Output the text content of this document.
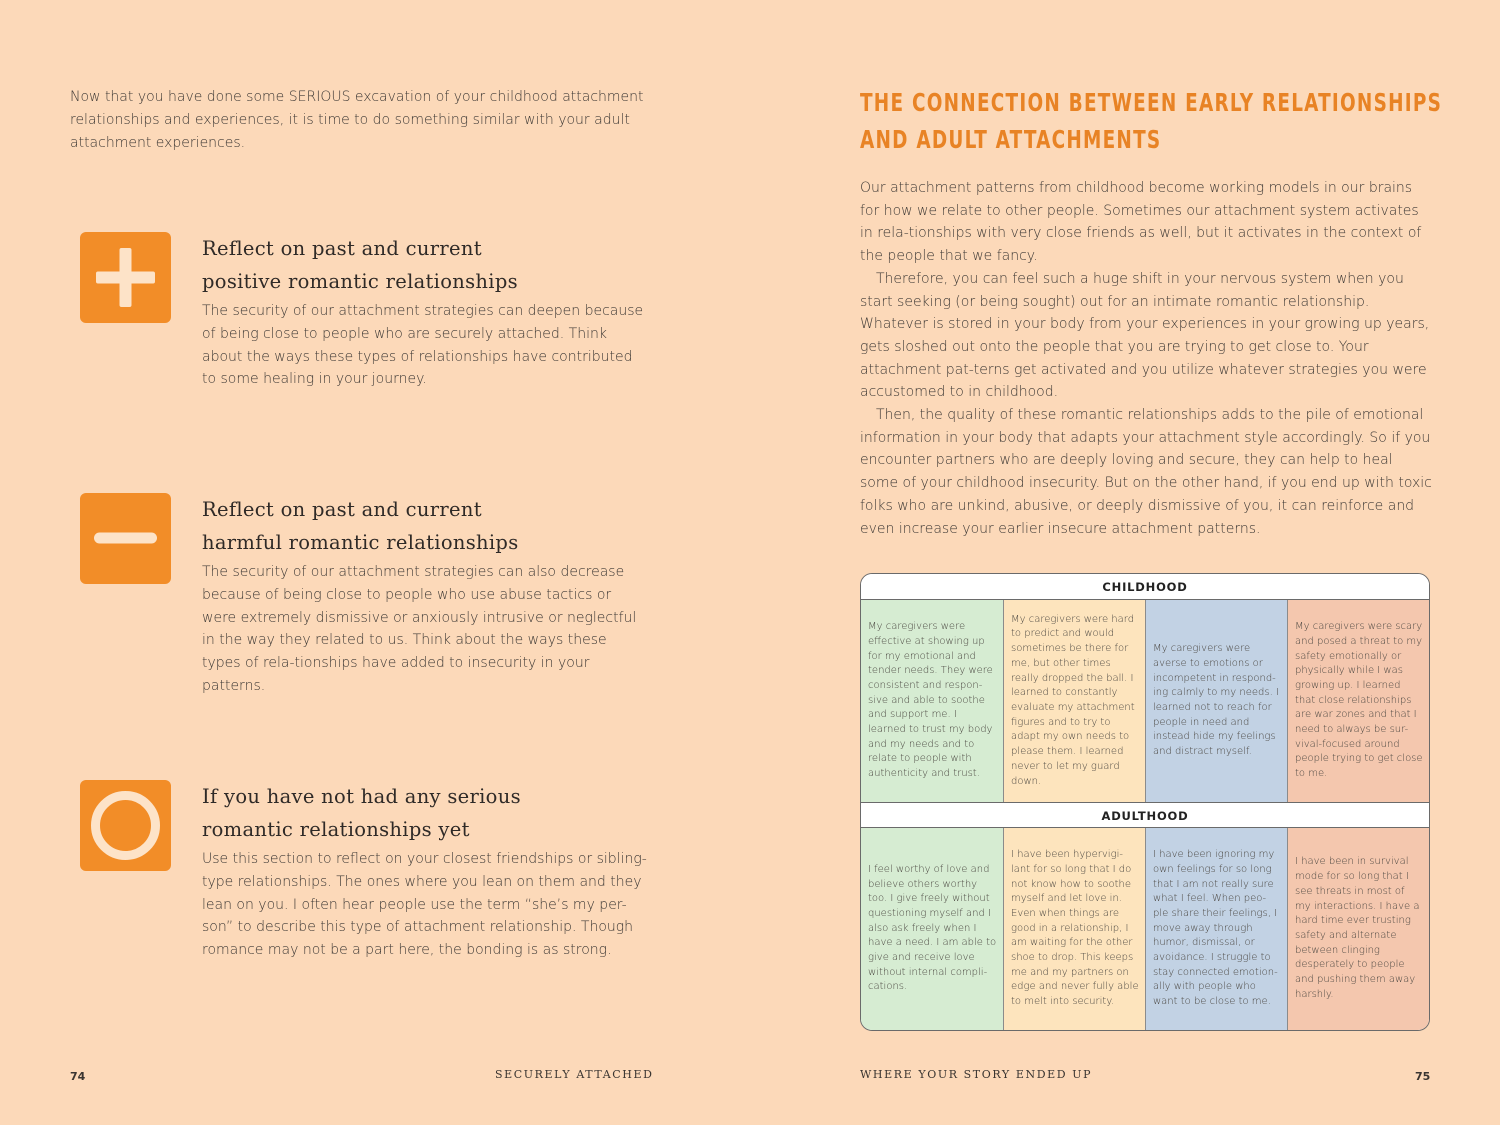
Now that you have done some SERIOUS excavation of your childhood attachment relationships and experiences, it is time to do something similar with your adult attachment experiences.

Reflect on past and current
positive romantic relationships

The security of our attachment strategies can deepen because of being close to people who are securely attached. Think about the ways these types of relationships have contributed to some healing in your journey.

Reflect on past and current
harmful romantic relationships

The security of our attachment strategies can also decrease because of being close to people who use abuse tactics or were extremely dismissive or anxiously intrusive or neglectful in the way they related to us. Think about the ways these types of rela-tionships have added to insecurity in your patterns.

If you have not had any serious
romantic relationships yet

Use this section to reflect on your closest friendships or sibling-type relationships. The ones where you lean on them and they lean on you. I often hear people use the term “she’s my per-son” to describe this type of attachment relationship. Though romance may not be a part here, the bonding is as strong.

74	SECURELY ATTACHED
THE CONNECTION BETWEEN EARLY RELATIONSHIPS
AND ADULT ATTACHMENTS

Our attachment patterns from childhood become working models in our brains for how we relate to other people. Sometimes our attachment system activates in rela-tionships with very close friends as well, but it activates in the context of the people that we fancy.

Therefore, you can feel such a huge shift in your nervous system when you start seeking (or being sought) out for an intimate romantic relationship. Whatever is stored in your body from your experiences in your growing up years, gets sloshed out onto the people that you are trying to get close to. Your attachment pat-terns get activated and you utilize whatever strategies you were accustomed to in childhood.

Then, the quality of these romantic relationships adds to the pile of emotional information in your body that adapts your attachment style accordingly. So if you encounter partners who are deeply loving and secure, they can help to heal some of your childhood insecurity. But on the other hand, if you end up with toxic folks who are unkind, abusive, or deeply dismissive of you, it can reinforce and even increase your earlier insecure attachment patterns.

CHILDHOOD
My caregivers were effective at showing up for my emotional and tender needs. They were consistent and respon-sive and able to soothe and support me. I learned to trust my body and my needs and to relate to people with authenticity and trust.
My caregivers were hard to predict and would sometimes be there for me, but other times really dropped the ball. I learned to constantly evaluate my attachment figures and to try to adapt my own needs to please them. I learned never to let my guard down.
My caregivers were averse to emotions or incompetent in respond-ing calmly to my needs. I learned not to reach for people in need and instead hide my feelings and distract myself.
My caregivers were scary and posed a threat to my safety emotionally or physically while I was growing up. I learned that close relationships are war zones and that I need to always be sur-vival-focused around people trying to get close to me.
ADULTHOOD
I feel worthy of love and believe others worthy too. I give freely without questioning myself and I also ask freely when I have a need. I am able to give and receive love without internal compli-cations.
I have been hypervigi-lant for so long that I do not know how to soothe myself and let love in. Even when things are good in a relationship, I am waiting for the other shoe to drop. This keeps me and my partners on edge and never fully able to melt into security.
I have been ignoring my own feelings for so long that I am not really sure what I feel. When peo-ple share their feelings, I move away through humor, dismissal, or avoidance. I struggle to stay connected emotion-ally with people who want to be close to me.
I have been in survival mode for so long that I see threats in most of my interactions. I have a hard time ever trusting safety and alternate between clinging desperately to people and pushing them away harshly.
WHERE YOUR STORY ENDED UP	75
